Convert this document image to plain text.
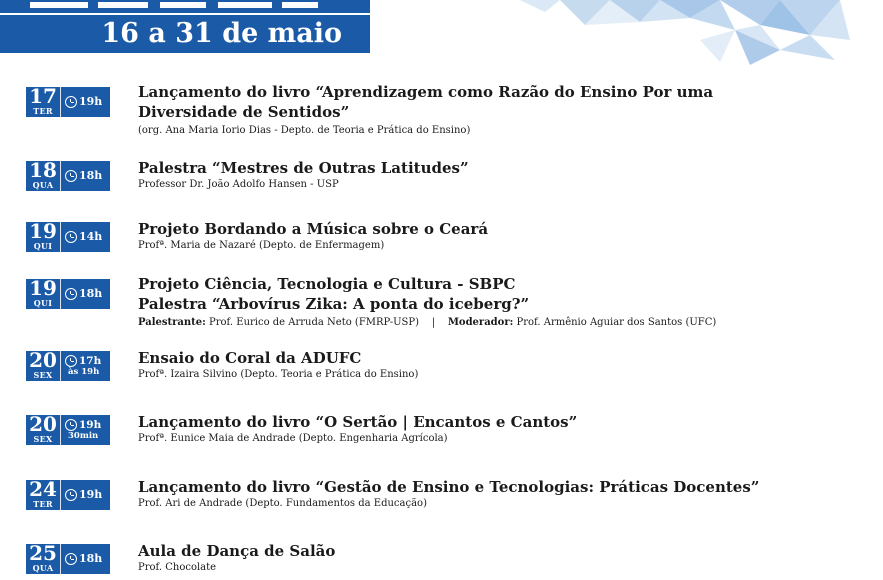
16 a 31 de maio
17
TER
19h
Lançamento do livro “Aprendizagem como Razão do Ensino Por uma
Diversidade de Sentidos”
(org. Ana Maria Iorio Dias - Depto. de Teoria e Prática do Ensino)
18
QUA
18h Palestra “Mestres de Outras Latitudes”
Professor Dr. João Adolfo Hansen - USP
19
QUI
14h Projeto Bordando a Música sobre o Ceará
Profª. Maria de Nazaré (Depto. de Enfermagem)
19
QUI
18h
Projeto Ciência, Tecnologia e Cultura - SBPC
Palestra “Arbovírus Zika: A ponta do iceberg?”
Palestrante: Prof. Eurico de Arruda Neto (FMRP-USP) | Moderador: Prof. Armênio Aguiar dos Santos (UFC)
20
SEX
17h
às 19h
Ensaio do Coral da ADUFC
Profª. Izaira Silvino (Depto. Teoria e Prática do Ensino)
20
SEX
19h
30min
Lançamento do livro “O Sertão | Encantos e Cantos”
Profª. Eunice Maia de Andrade (Depto. Engenharia Agrícola)
24
TER
19h Lançamento do livro “Gestão de Ensino e Tecnologias: Práticas Docentes”
Prof. Ari de Andrade (Depto. Fundamentos da Educação)
25
QUA
18h Aula de Dança de Salão
Prof. Chocolate
